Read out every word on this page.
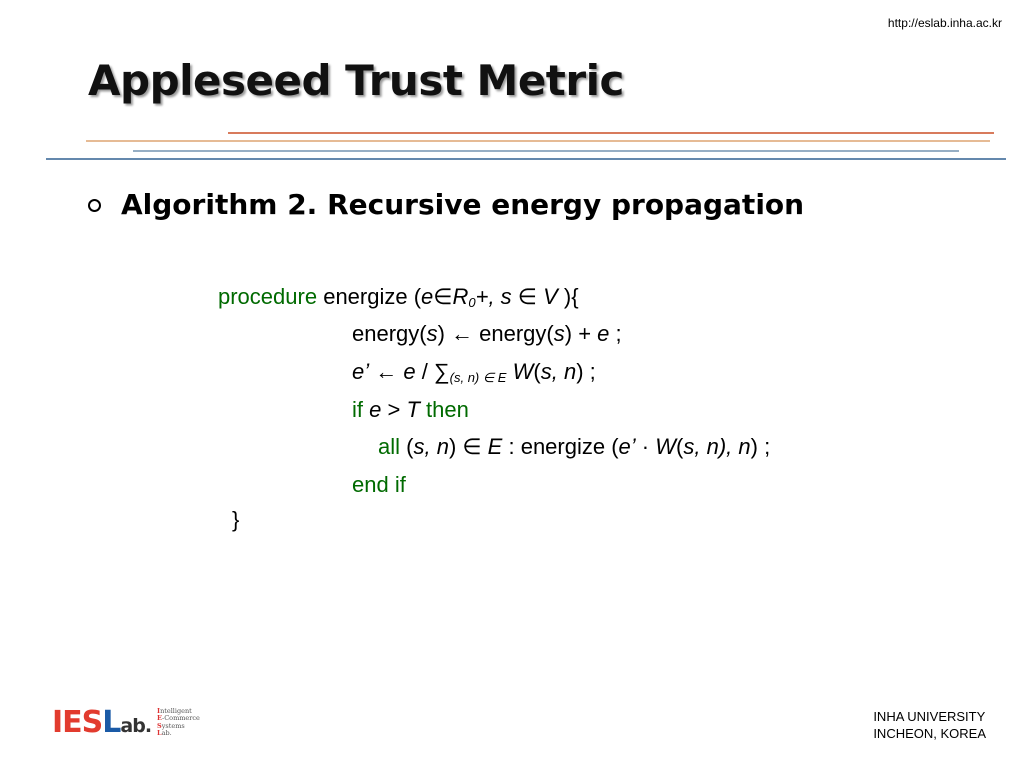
http://eslab.inha.ac.kr
Appleseed Trust Metric
Algorithm 2. Recursive energy propagation
procedure energize ($e\in R_0+$, s ∈ V ){
energy(s) ← energy(s) + e ;
e’ ← e / $\sum_{(s, n) \in E}$ W(s, n) ;
if e > T then
all (s, n) ∈ E : energize (e’ · W(s, n), n) ;
end if
}
IESLab.
Intelligent
E-Commerce
Systems
Lab.
INHA UNIVERSITY
INCHEON, KOREA
